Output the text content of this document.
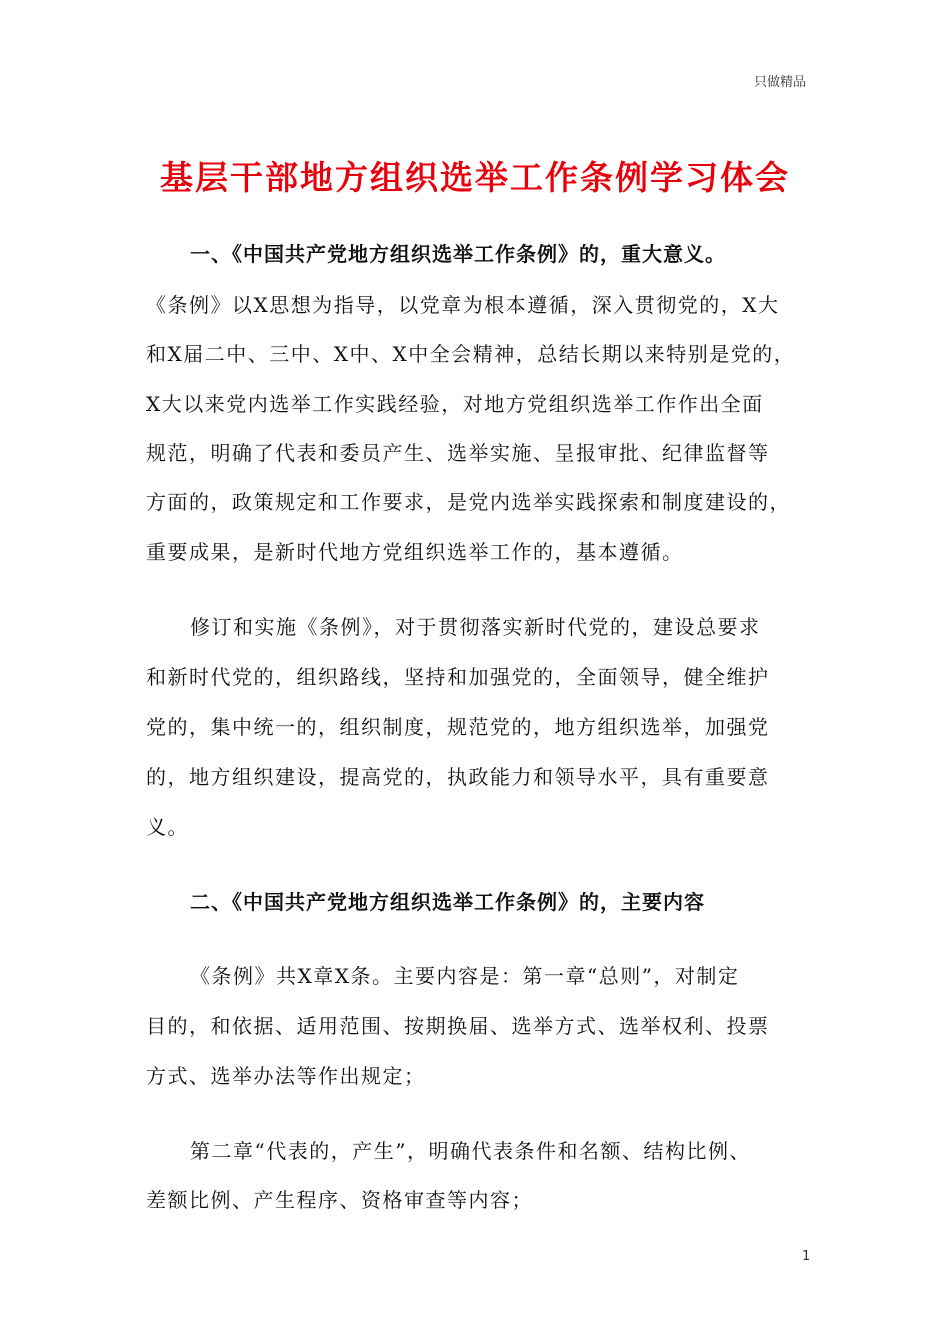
只做精品
基层干部地方组织选举工作条例学习体会
一、《中国共产党地方组织选举工作条例》的，重大意义。
《条例》以X思想为指导，以党章为根本遵循，深入贯彻党的，X大
和X届二中、三中、X中、X中全会精神，总结长期以来特别是党的，
X大以来党内选举工作实践经验，对地方党组织选举工作作出全面
规范，明确了代表和委员产生、选举实施、呈报审批、纪律监督等
方面的，政策规定和工作要求，是党内选举实践探索和制度建设的，
重要成果，是新时代地方党组织选举工作的，基本遵循。
修订和实施《条例》，对于贯彻落实新时代党的，建设总要求
和新时代党的，组织路线，坚持和加强党的，全面领导，健全维护
党的，集中统一的，组织制度，规范党的，地方组织选举，加强党
的，地方组织建设，提高党的，执政能力和领导水平，具有重要意
义。
二、《中国共产党地方组织选举工作条例》的，主要内容
《条例》共X章X条。主要内容是：第一章“总则”，对制定
目的，和依据、适用范围、按期换届、选举方式、选举权利、投票
方式、选举办法等作出规定；
第二章“代表的，产生”，明确代表条件和名额、结构比例、
差额比例、产生程序、资格审查等内容；
1
